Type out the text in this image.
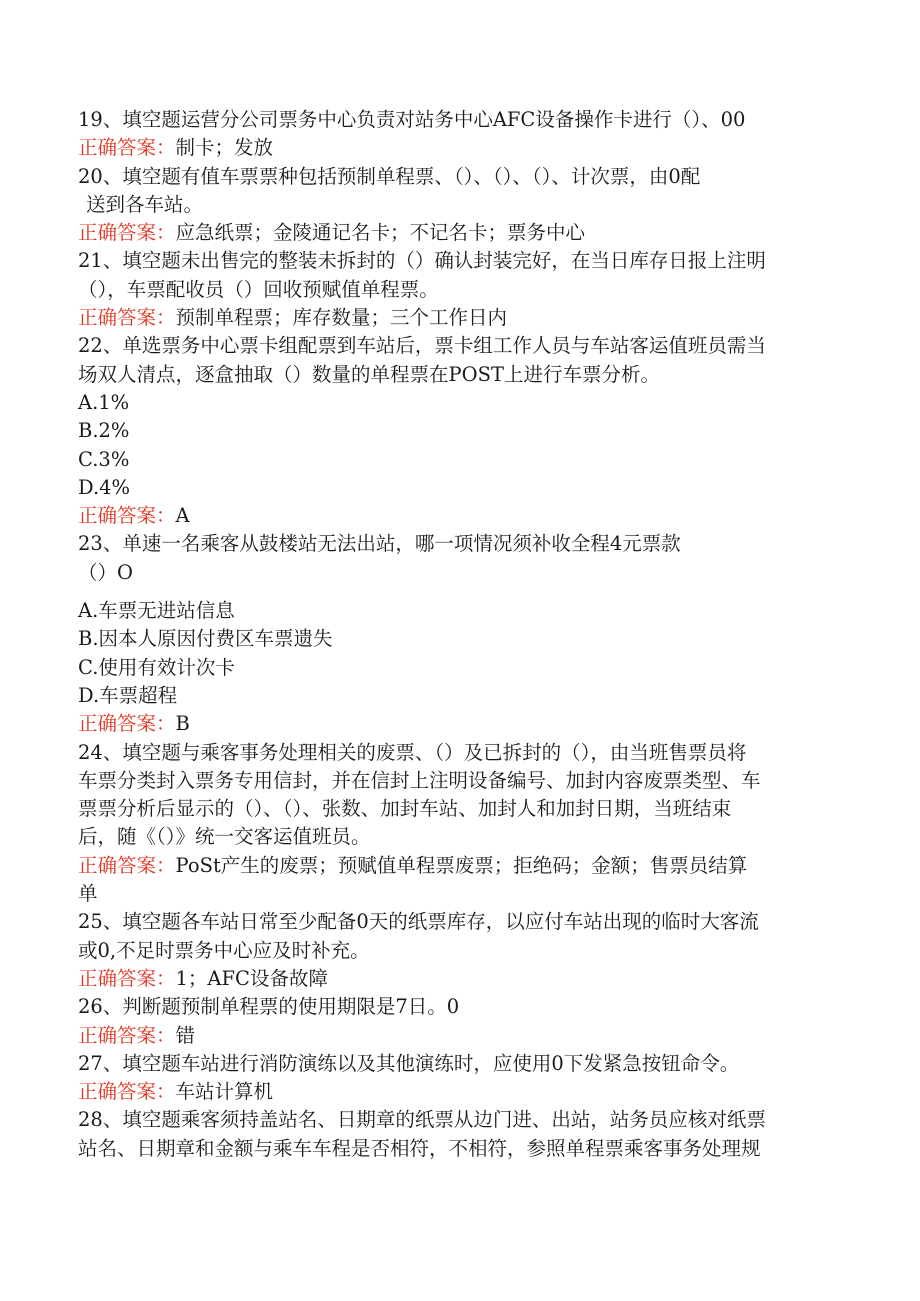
19、填空题运营分公司票务中心负责对站务中心AFC设备操作卡进行（）、00
正确答案：制卡；发放
20、填空题有值车票票种包括预制单程票、（）、（）、（）、计次票，由0配
送到各车站。
正确答案：应急纸票；金陵通记名卡；不记名卡；票务中心
21、填空题未出售完的整装未拆封的（）确认封装完好，在当日库存日报上注明
（），车票配收员（）回收预赋值单程票。
正确答案：预制单程票；库存数量；三个工作日内
22、单选票务中心票卡组配票到车站后，票卡组工作人员与车站客运值班员需当
场双人清点，逐盒抽取（）数量的单程票在POST上进行车票分析。
A.1%
B.2%
C.3%
D.4%
正确答案：A
23、单速一名乘客从鼓楼站无法出站，哪一项情况须补收全程4元票款
（）O
A.车票无进站信息
B.因本人原因付费区车票遗失
C.使用有效计次卡
D.车票超程
正确答案：B
24、填空题与乘客事务处理相关的废票、（）及已拆封的（），由当班售票员将
车票分类封入票务专用信封，并在信封上注明设备编号、加封内容废票类型、车
票票分析后显示的（）、（）、张数、加封车站、加封人和加封日期，当班结束
后，随《（）》统一交客运值班员。
正确答案：PoSt产生的废票；预赋值单程票废票；拒绝码；金额；售票员结算
单
25、填空题各车站日常至少配备0天的纸票库存，以应付车站出现的临时大客流
或0,不足时票务中心应及时补充。
正确答案：1；AFC设备故障
26、判断题预制单程票的使用期限是7日。0
正确答案：错
27、填空题车站进行消防演练以及其他演练时，应使用0下发紧急按钮命令。
正确答案：车站计算机
28、填空题乘客须持盖站名、日期章的纸票从边门进、出站，站务员应核对纸票
站名、日期章和金额与乘车车程是否相符，不相符，参照单程票乘客事务处理规
